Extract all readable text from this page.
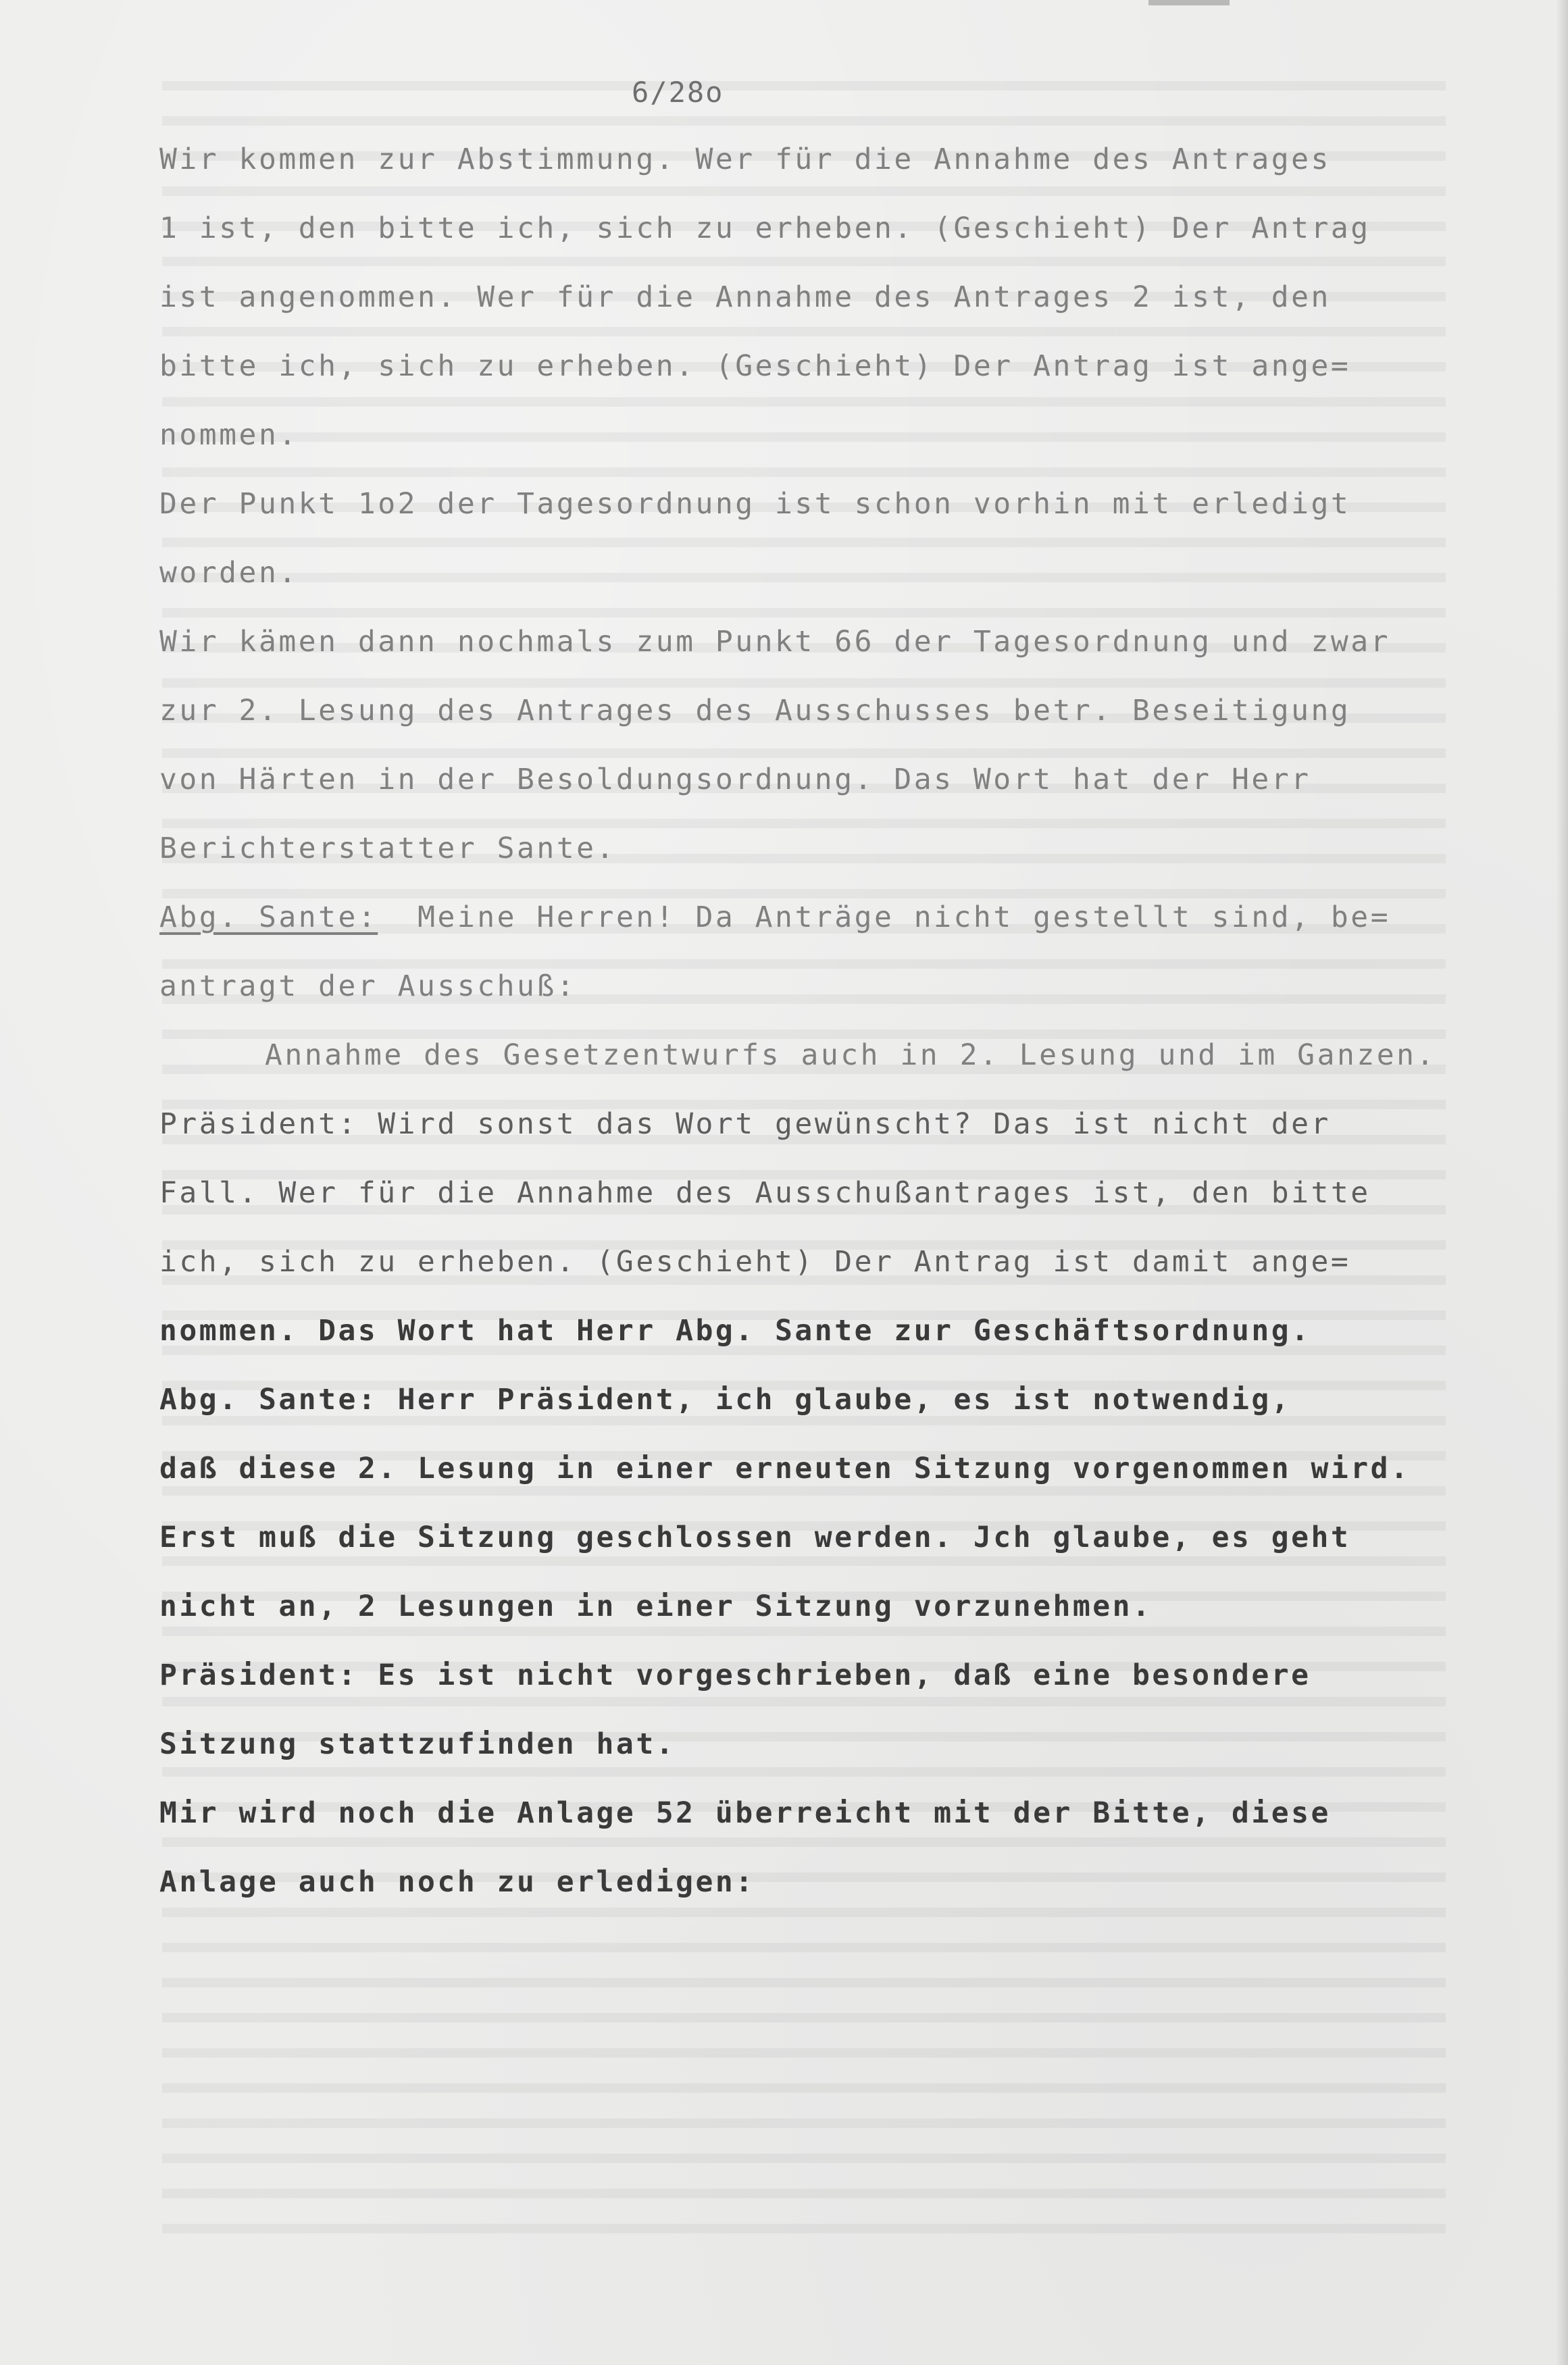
6/28o
Wir kommen zur Abstimmung. Wer für die Annahme des Antrages
1 ist, den bitte ich, sich zu erheben. (Geschieht) Der Antrag
ist angenommen. Wer für die Annahme des Antrages 2 ist, den
bitte ich, sich zu erheben. (Geschieht) Der Antrag ist ange=
nommen.
Der Punkt 1o2 der Tagesordnung ist schon vorhin mit erledigt
worden.
Wir kämen dann nochmals zum Punkt 66 der Tagesordnung und zwar
zur 2. Lesung des Antrages des Ausschusses betr. Beseitigung
von Härten in der Besoldungsordnung. Das Wort hat der Herr
Berichterstatter Sante.
Abg. Sante: Meine Herren! Da Anträge nicht gestellt sind, be=
antragt der Ausschuß:
Annahme des Gesetzentwurfs auch in 2. Lesung und im Ganzen.
Präsident: Wird sonst das Wort gewünscht? Das ist nicht der
Fall. Wer für die Annahme des Ausschußantrages ist, den bitte
ich, sich zu erheben. (Geschieht) Der Antrag ist damit ange=
nommen. Das Wort hat Herr Abg. Sante zur Geschäftsordnung.
Abg. Sante: Herr Präsident, ich glaube, es ist notwendig,
daß diese 2. Lesung in einer erneuten Sitzung vorgenommen wird.
Erst muß die Sitzung geschlossen werden. Jch glaube, es geht
nicht an, 2 Lesungen in einer Sitzung vorzunehmen.
Präsident: Es ist nicht vorgeschrieben, daß eine besondere
Sitzung stattzufinden hat.
Mir wird noch die Anlage 52 überreicht mit der Bitte, diese
Anlage auch noch zu erledigen:
